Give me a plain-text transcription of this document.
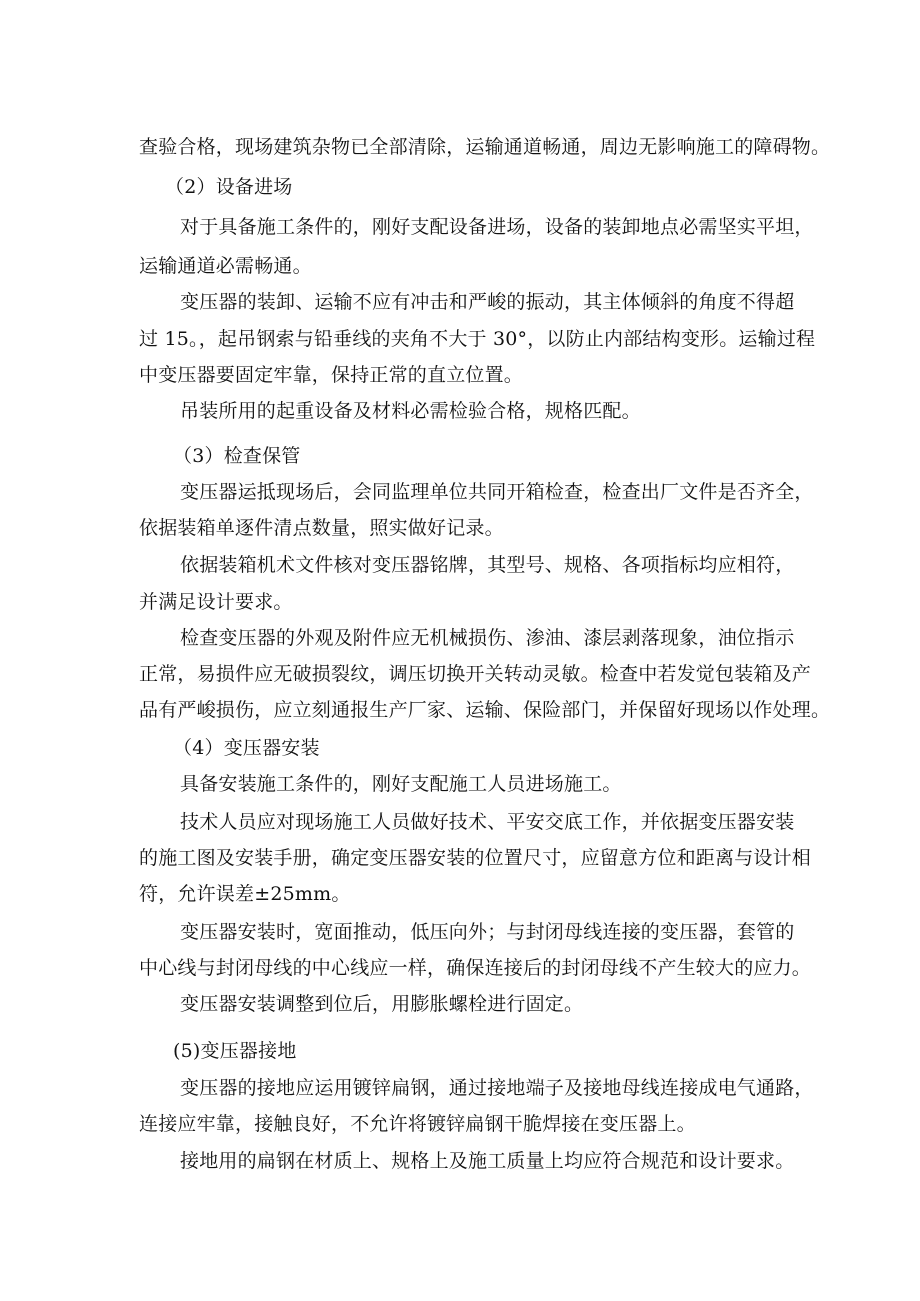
查验合格，现场建筑杂物已全部清除，运输通道畅通，周边无影响施工的障碍物。
（2）设备进场
对于具备施工条件的，刚好支配设备进场，设备的装卸地点必需坚实平坦，
运输通道必需畅通。
变压器的装卸、运输不应有冲击和严峻的振动，其主体倾斜的角度不得超
过 15。，起吊钢索与铅垂线的夹角不大于 30°，以防止内部结构变形。运输过程
中变压器要固定牢靠，保持正常的直立位置。
吊装所用的起重设备及材料必需检验合格，规格匹配。
（3）检查保管
变压器运抵现场后，会同监理单位共同开箱检查，检查出厂文件是否齐全，
依据装箱单逐件清点数量，照实做好记录。
依据装箱机术文件核对变压器铭牌，其型号、规格、各项指标均应相符，
并满足设计要求。
检查变压器的外观及附件应无机械损伤、渗油、漆层剥落现象，油位指示
正常，易损件应无破损裂纹，调压切换开关转动灵敏。检查中若发觉包装箱及产
品有严峻损伤，应立刻通报生产厂家、运输、保险部门，并保留好现场以作处理。
（4）变压器安装
具备安装施工条件的，刚好支配施工人员进场施工。
技术人员应对现场施工人员做好技术、平安交底工作，并依据变压器安装
的施工图及安装手册，确定变压器安装的位置尺寸，应留意方位和距离与设计相
符，允许误差±25mm。
变压器安装时，宽面推动，低压向外；与封闭母线连接的变压器，套管的
中心线与封闭母线的中心线应一样，确保连接后的封闭母线不产生较大的应力。
变压器安装调整到位后，用膨胀螺栓进行固定。
(5)变压器接地
变压器的接地应运用镀锌扁钢，通过接地端子及接地母线连接成电气通路，
连接应牢靠，接触良好，不允许将镀锌扁钢干脆焊接在变压器上。
接地用的扁钢在材质上、规格上及施工质量上均应符合规范和设计要求。
